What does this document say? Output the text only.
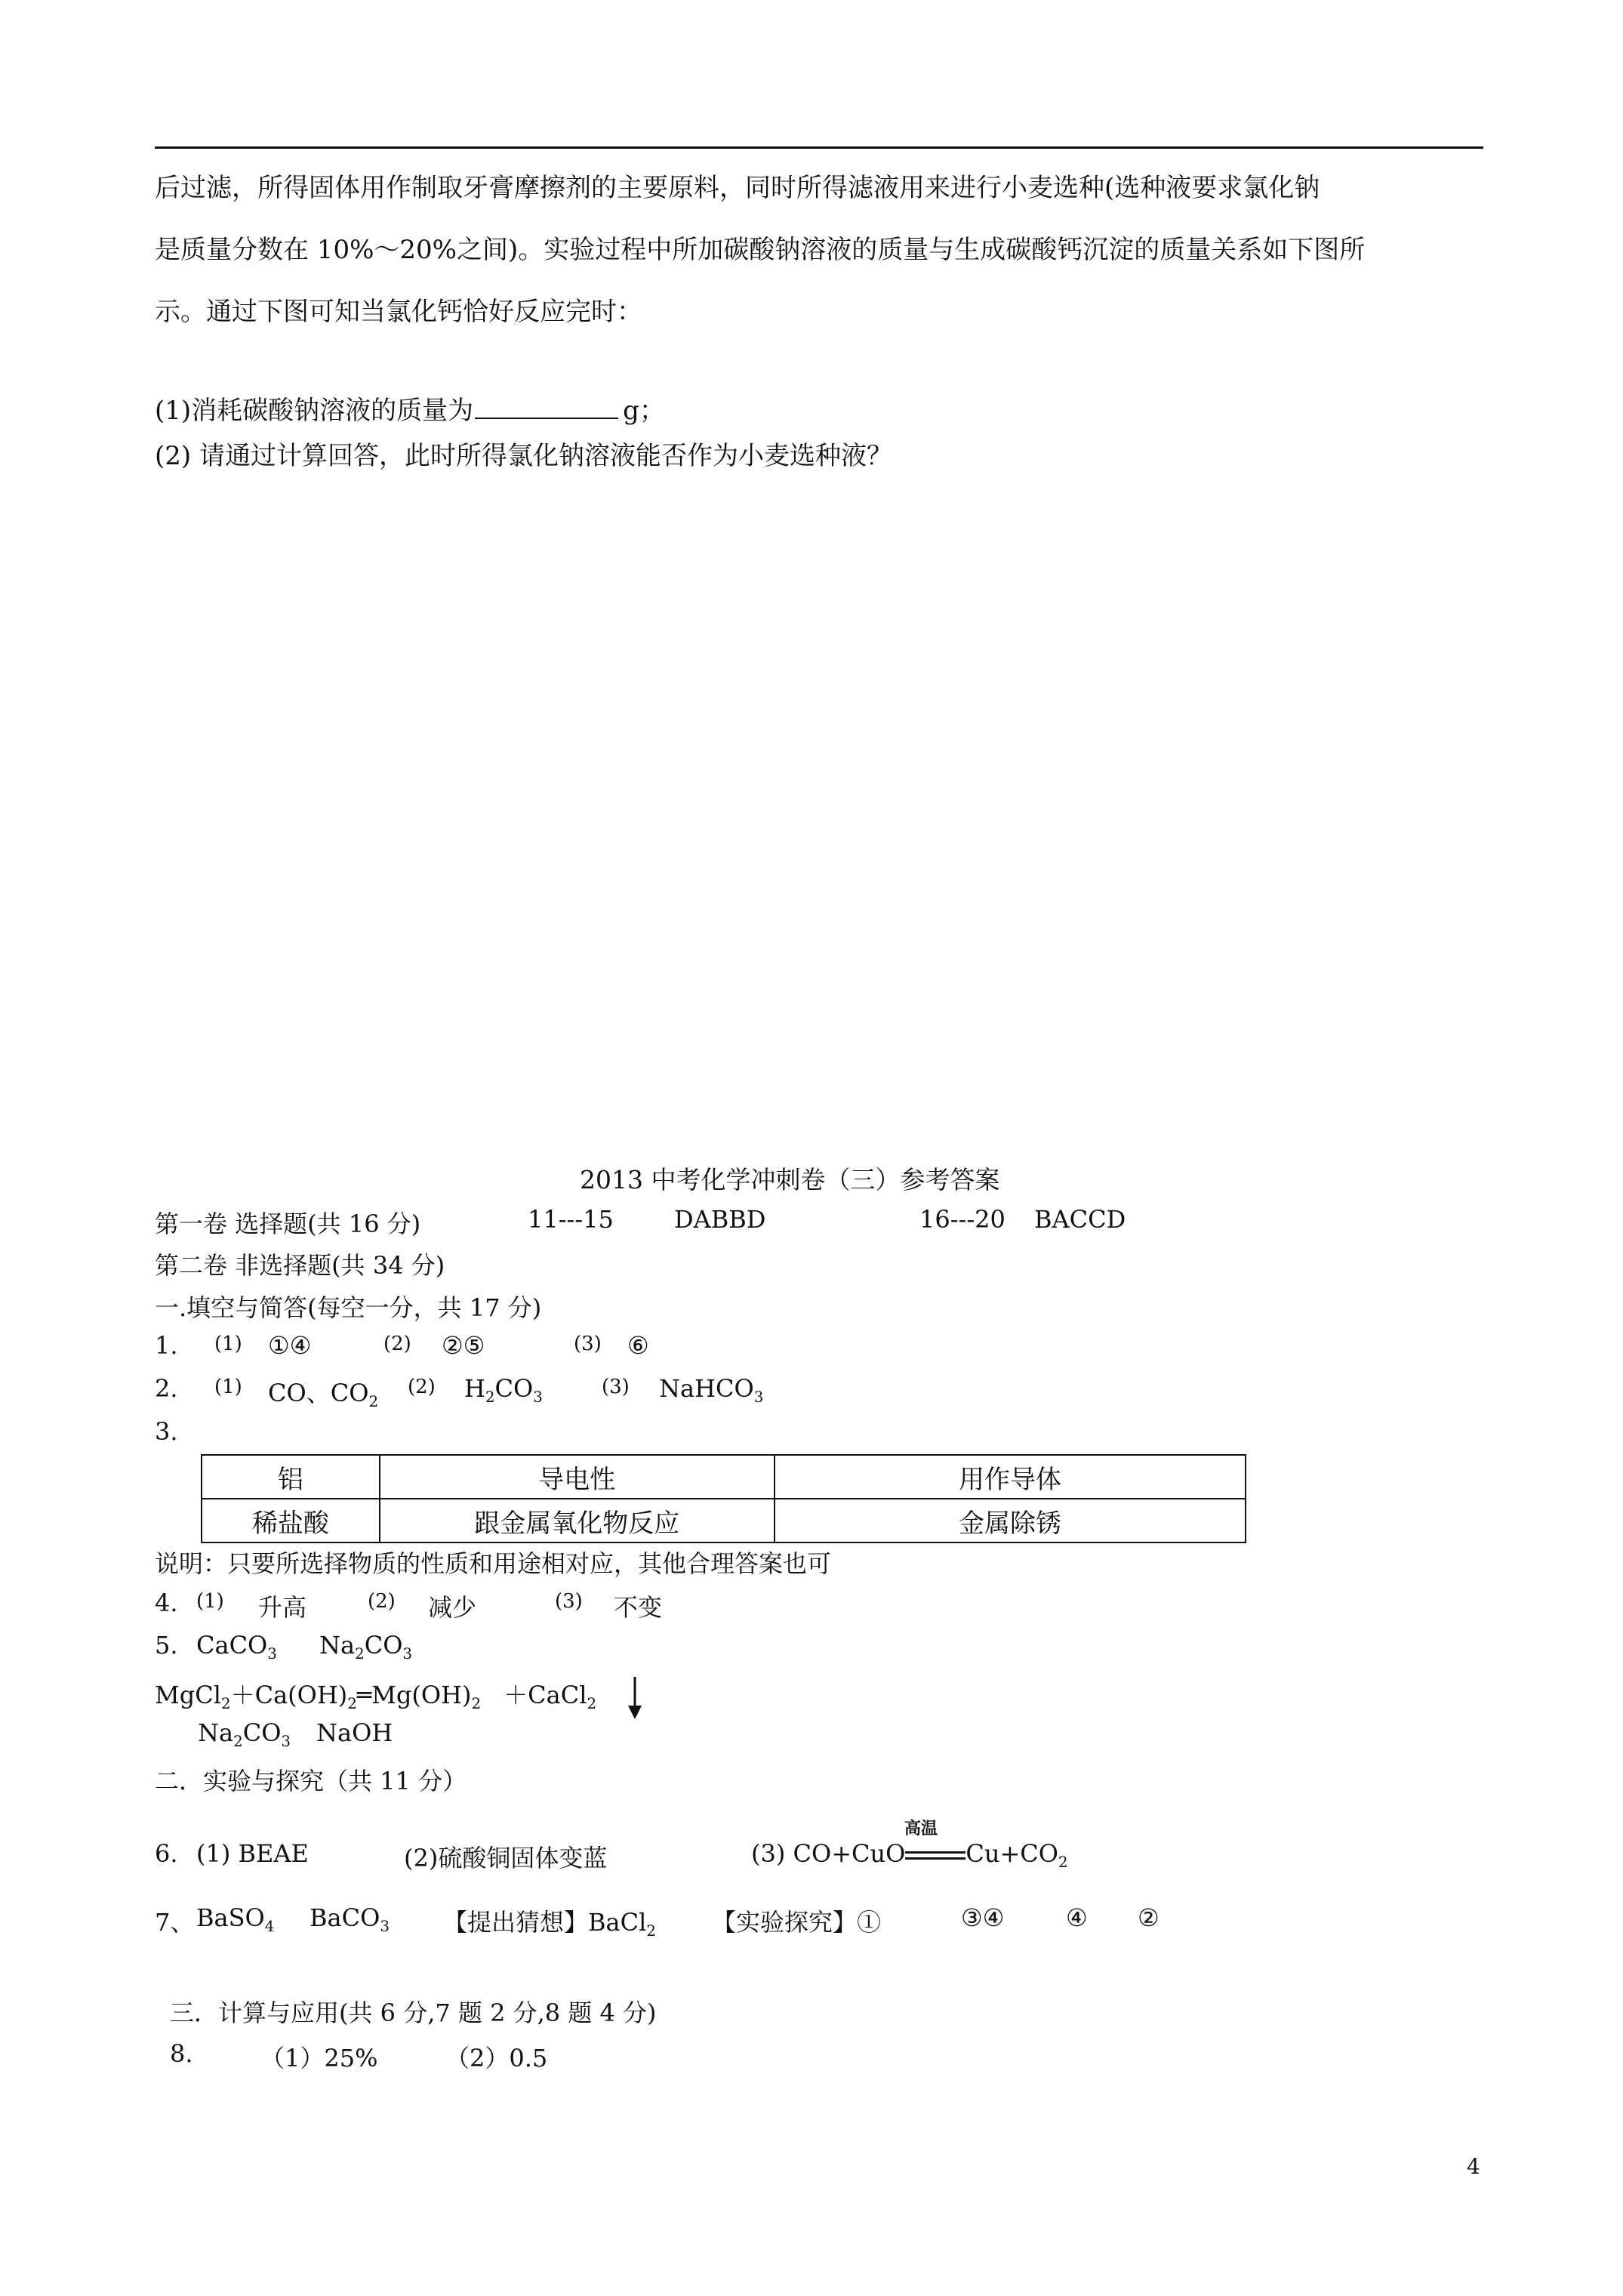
后过滤，所得固体用作制取牙膏摩擦剂的主要原料，同时所得滤液用来进行小麦选种(选种液要求氯化钠
是质量分数在 10%～20%之间)。实验过程中所加碳酸钠溶液的质量与生成碳酸钙沉淀的质量关系如下图所
示。通过下图可知当氯化钙恰好反应完时：
(1)消耗碳酸钠溶液的质量为	g；
(2) 请通过计算回答，此时所得氯化钠溶液能否作为小麦选种液？
2013 中考化学冲刺卷（三）参考答案
第一卷 选择题(共 16 分)	11---15	DABBD	16---20 BACCD
第二卷 非选择题(共 34 分)
一.填空与简答(每空一分，共 17 分)
1. (1) ①④	(2) ②⑤	(3) ⑥
2. (1) CO、$CO_2$
(2) $H_2CO_3$	(3) NaHCO$_3$
3.
铝	导电性	用作导体
稀盐酸	跟金属氧化物反应	金属除锈
说明：只要所选择物质的性质和用途相对应，其他合理答案也可
4. (1) 升高	(2) 减少	(3) 不变
5. CaCO$_3$ $Na_2CO_3$
$MgCl_2+Ca(OH)_2═Mg(OH)_2$ ＋CaCl$_2$
$Na_2CO_3$ NaOH
二．实验与探究（共 11 分）
高温
6. (1) BEAE	(2)硫酸铜固体变蓝	(3) CO+CuO	$Cu+CO_2$
7、 BaSO$_4$ BaCO$_3$ 【提出猜想】BaCl$_2$ 【实验探究】①	③④	④ ②
三．计算与应用(共 6 分,7 题 2 分,8 题 4 分)
8.	（1）25%	（2）0.5
4
